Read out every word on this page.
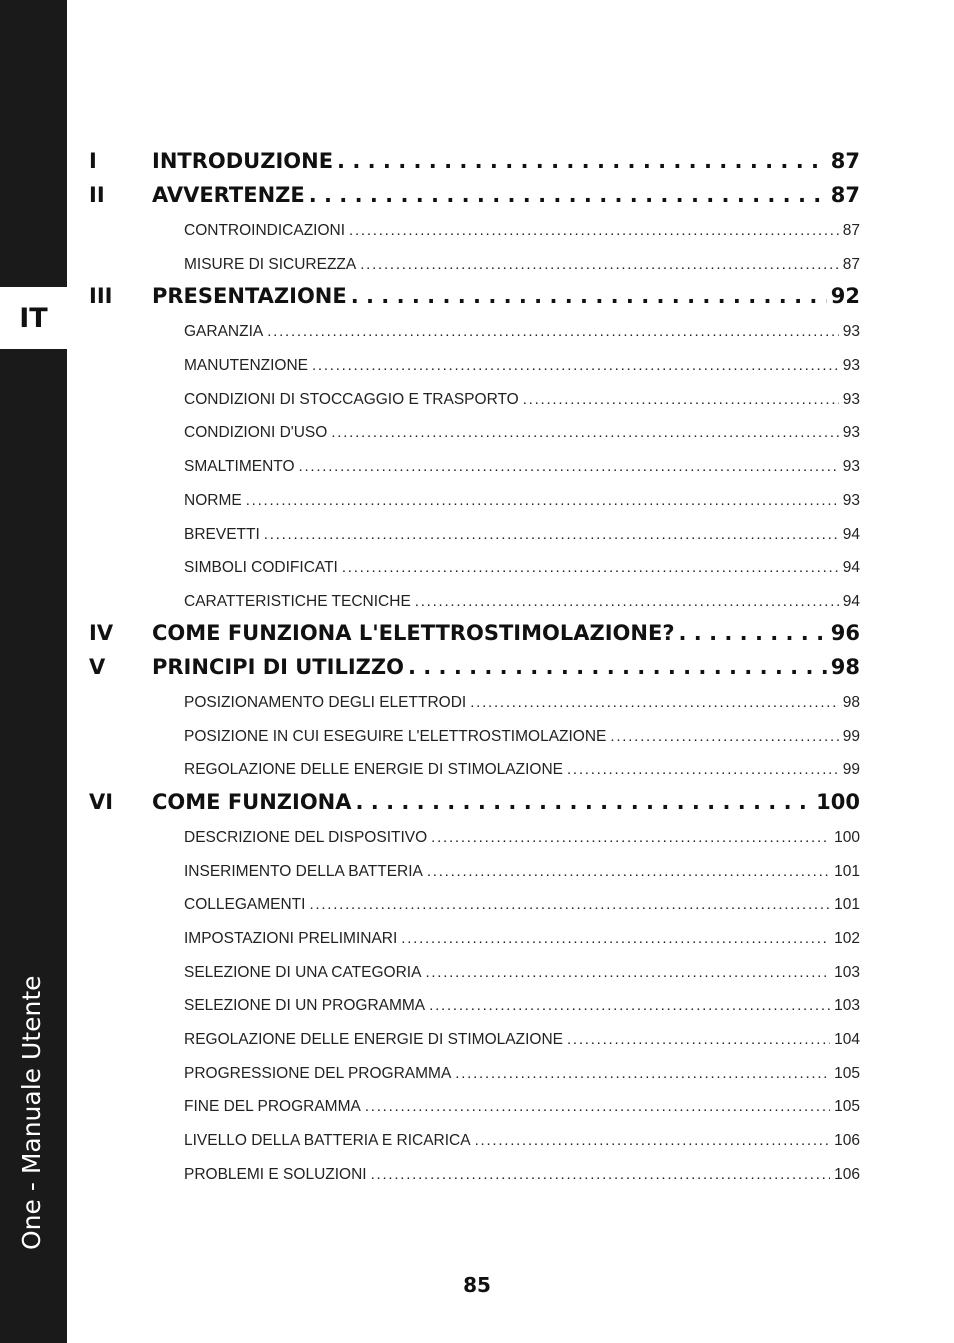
IT
One - Manuale Utente
I	INTRODUZIONE . . .	87
II	AVVERTENZE . . .	87
CONTROINDICAZIONI . . .	87
MISURE DI SICUREZZA . . .	87
III	PRESENTAZIONE . . .	92
GARANZIA . . .	93
MANUTENZIONE . . .	93
CONDIZIONI DI STOCCAGGIO E TRASPORTO . . .	93
CONDIZIONI D'USO . . .	93
SMALTIMENTO . . .	93
NORME . . .	93
BREVETTI . . .	94
SIMBOLI CODIFICATI . . .	94
CARATTERISTICHE TECNICHE . . .	94
IV	COME FUNZIONA L'ELETTROSTIMOLAZIONE? . . .	96
V	PRINCIPI DI UTILIZZO . . .	98
POSIZIONAMENTO DEGLI ELETTRODI . . .	98
POSIZIONE IN CUI ESEGUIRE L'ELETTROSTIMOLAZIONE . . .	99
REGOLAZIONE DELLE ENERGIE DI STIMOLAZIONE . . .	99
VI	COME FUNZIONA . . .	100
DESCRIZIONE DEL DISPOSITIVO . . .	100
INSERIMENTO DELLA BATTERIA . . .	101
COLLEGAMENTI . . .	101
IMPOSTAZIONI PRELIMINARI . . .	102
SELEZIONE DI UNA CATEGORIA . . .	103
SELEZIONE DI UN PROGRAMMA . . .	103
REGOLAZIONE DELLE ENERGIE DI STIMOLAZIONE . . .	104
PROGRESSIONE DEL PROGRAMMA . . .	105
FINE DEL PROGRAMMA . . .	105
LIVELLO DELLA BATTERIA E RICARICA . . .	106
PROBLEMI E SOLUZIONI . . .	106
85
